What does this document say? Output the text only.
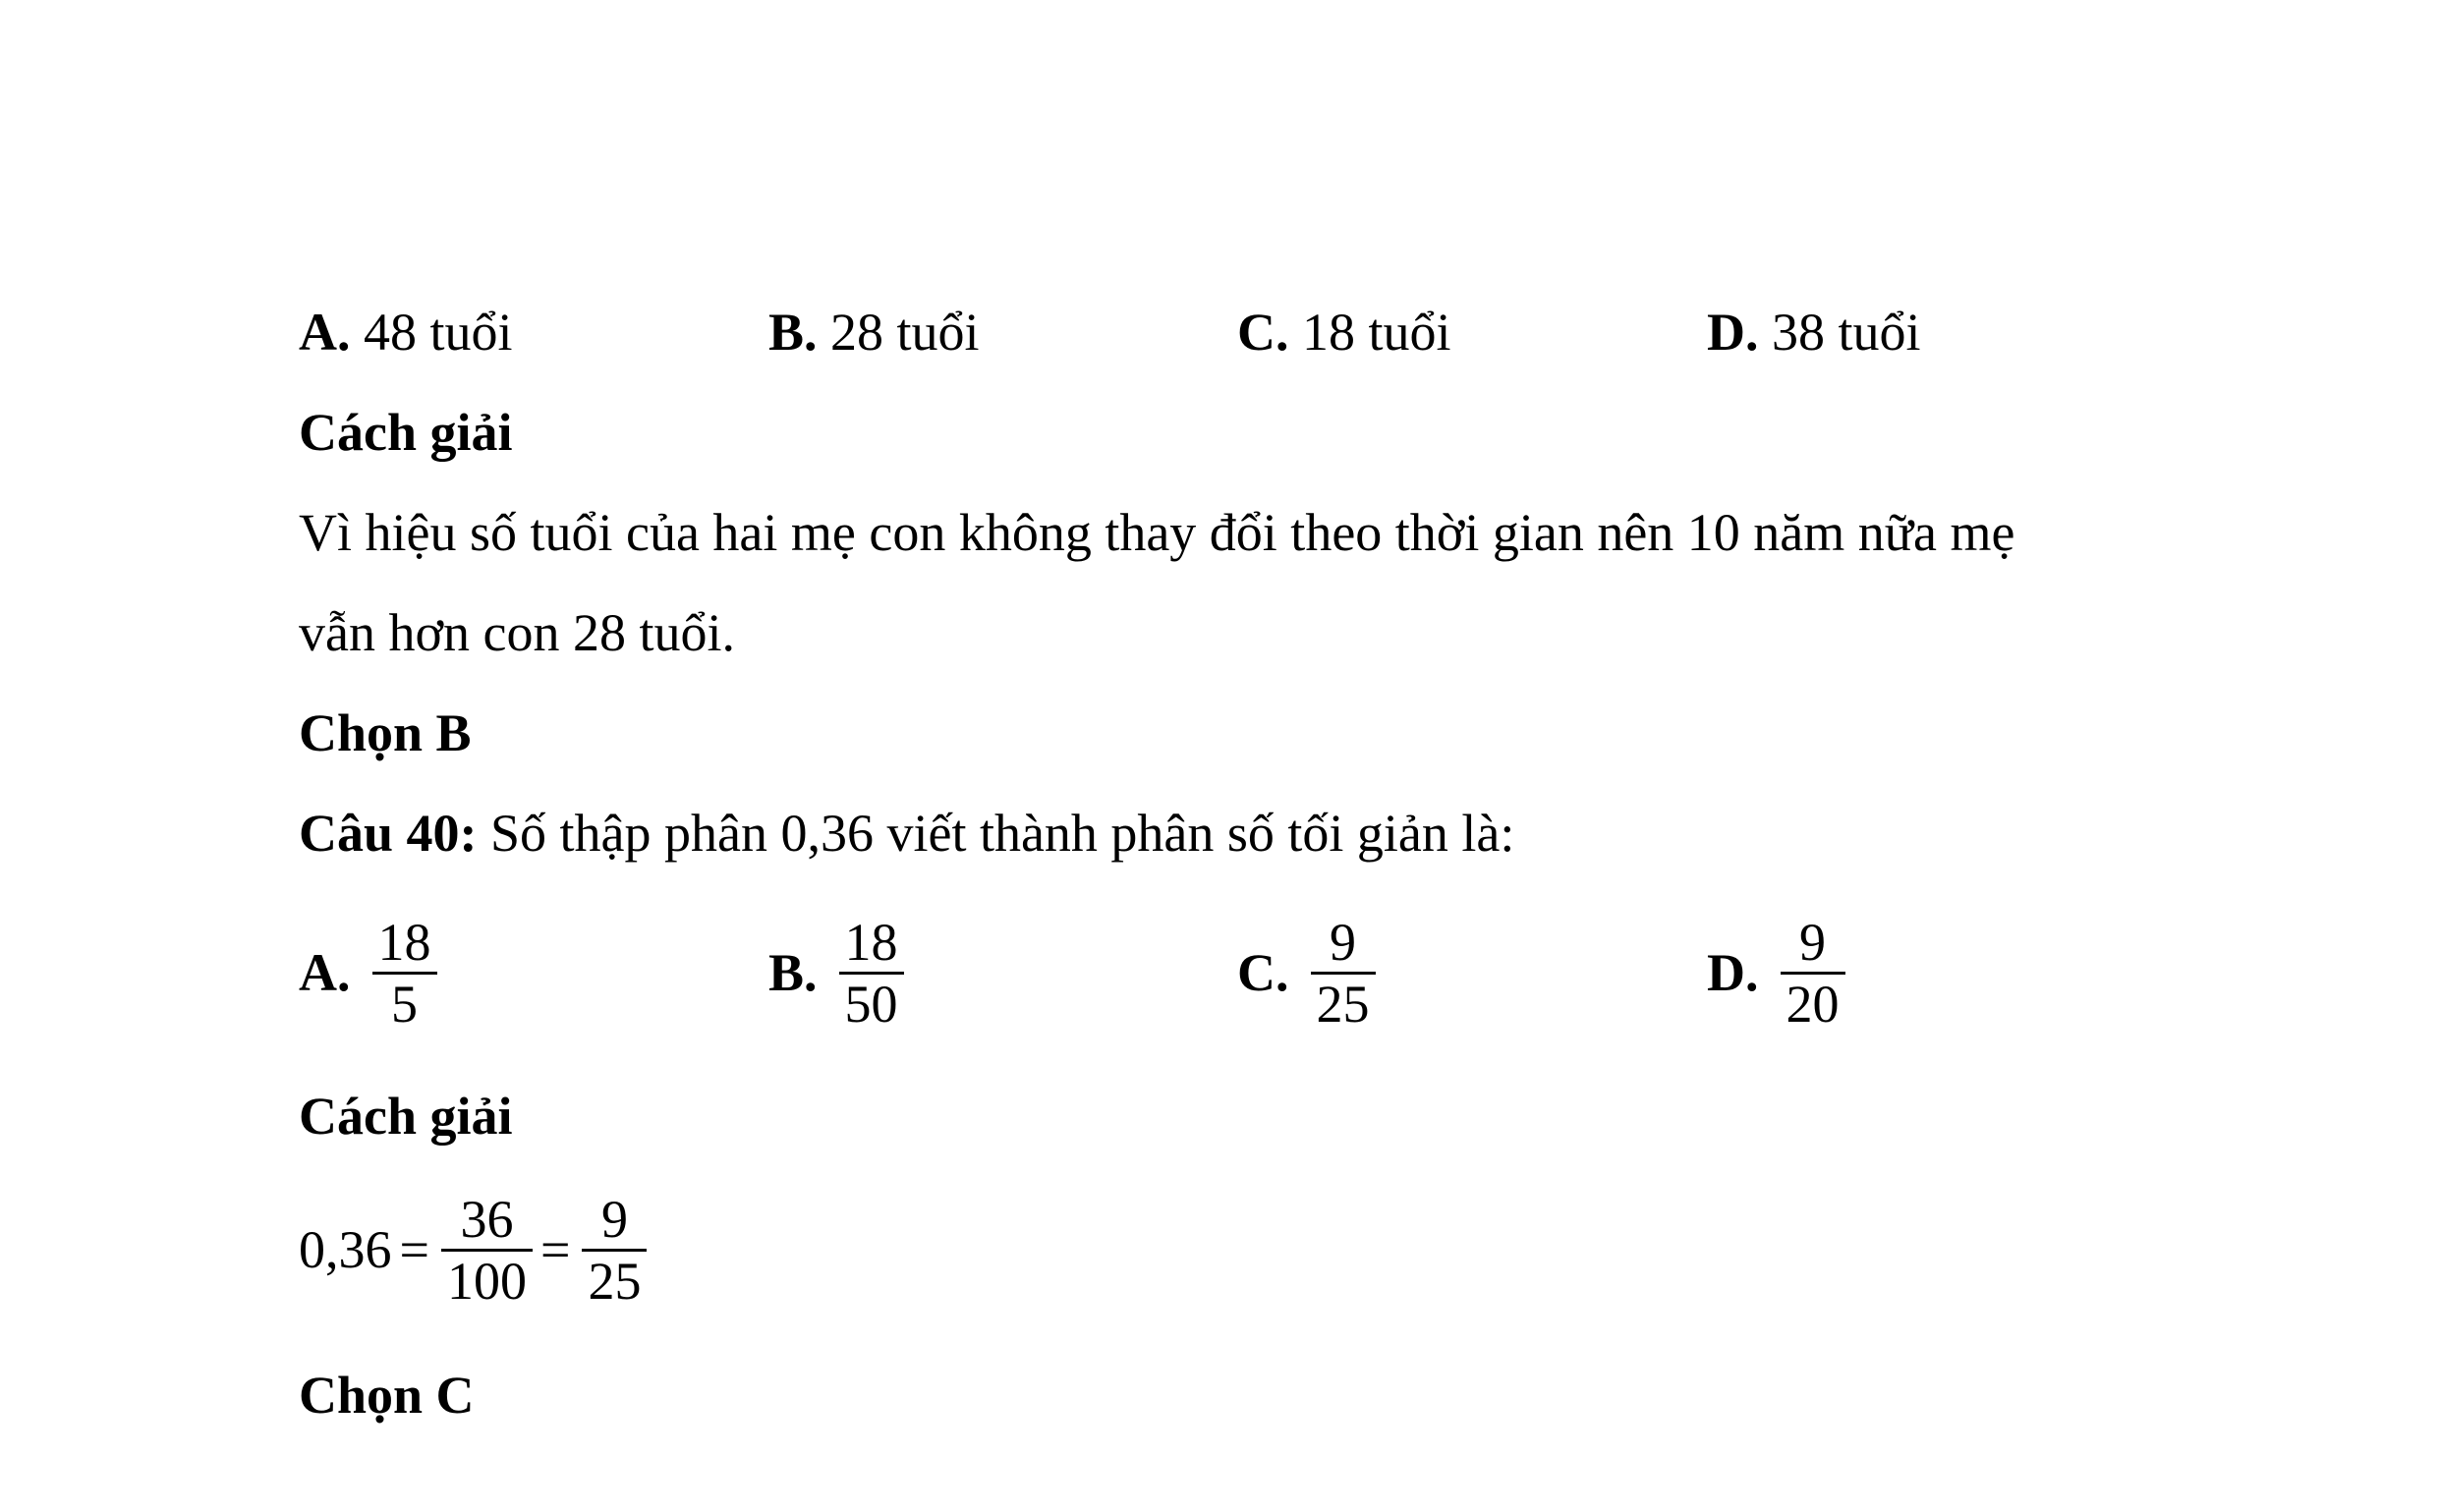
A. 48 tuổi	B. 28 tuổi	C. 18 tuổi	D. 38 tuổi
Cách giải
Vì hiệu số tuổi của hai mẹ con không thay đổi theo thời gian nên 10 năm nữa mẹ
vẫn hơn con 28 tuổi.
Chọn B
Câu 40: Số thập phân 0,36 viết thành phân số tối giản là:
A. $\frac{18}{5}$	B. $\frac{18}{50}$	C. $\frac{9}{25}$	D. $\frac{9}{20}$
Cách giải
$0,36 = \frac{36}{100} = \frac{9}{25}$
Chọn C
